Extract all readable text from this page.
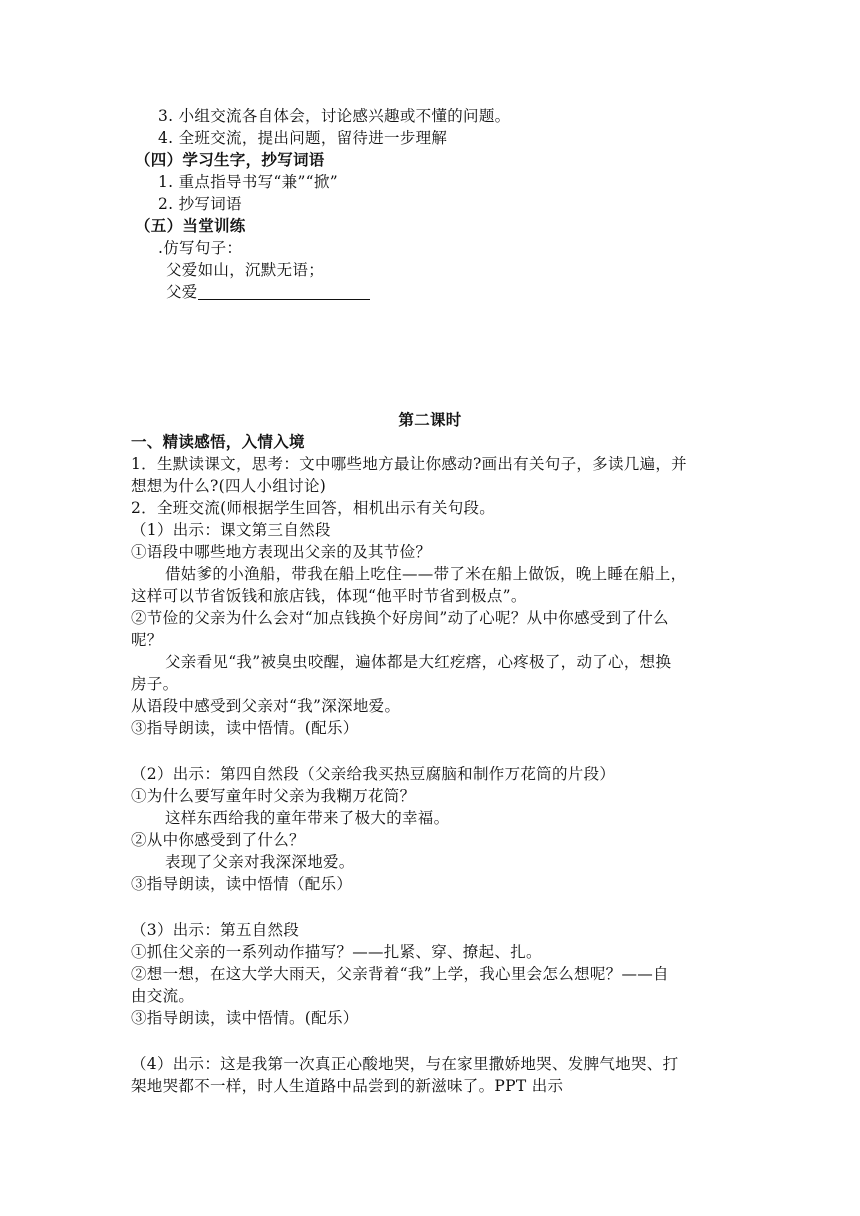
3. 小组交流各自体会，讨论感兴趣或不懂的问题。
4. 全班交流，提出问题，留待进一步理解
（四）学习生字，抄写词语
1. 重点指导书写“兼”“掀”
2. 抄写词语
（五）当堂训练
.仿写句子：
父爱如山，沉默无语；
父爱
第二课时
一、精读感悟，入情入境
1．生默读课文，思考：文中哪些地方最让你感动?画出有关句子，多读几遍，并
想想为什么?(四人小组讨论)
2．全班交流(师根据学生回答，相机出示有关句段。
（1）出示：课文第三自然段
①语段中哪些地方表现出父亲的及其节俭？
借姑爹的小渔船，带我在船上吃住——带了米在船上做饭，晚上睡在船上，
这样可以节省饭钱和旅店钱，体现“他平时节省到极点”。
②节俭的父亲为什么会对“加点钱换个好房间”动了心呢？从中你感受到了什么
呢？
父亲看见“我”被臭虫咬醒，遍体都是大红疙瘩，心疼极了，动了心，想换
房子。
从语段中感受到父亲对“我”深深地爱。
③指导朗读，读中悟情。(配乐）
（2）出示：第四自然段（父亲给我买热豆腐脑和制作万花筒的片段）
①为什么要写童年时父亲为我糊万花筒？
这样东西给我的童年带来了极大的幸福。
②从中你感受到了什么？
表现了父亲对我深深地爱。
③指导朗读，读中悟情（配乐）
（3）出示：第五自然段
①抓住父亲的一系列动作描写？——扎紧、穿、撩起、扎。
②想一想，在这大学大雨天，父亲背着“我”上学，我心里会怎么想呢？——自
由交流。
③指导朗读，读中悟情。(配乐）
（4）出示：这是我第一次真正心酸地哭，与在家里撒娇地哭、发脾气地哭、打
架地哭都不一样，时人生道路中品尝到的新滋味了。PPT 出示
